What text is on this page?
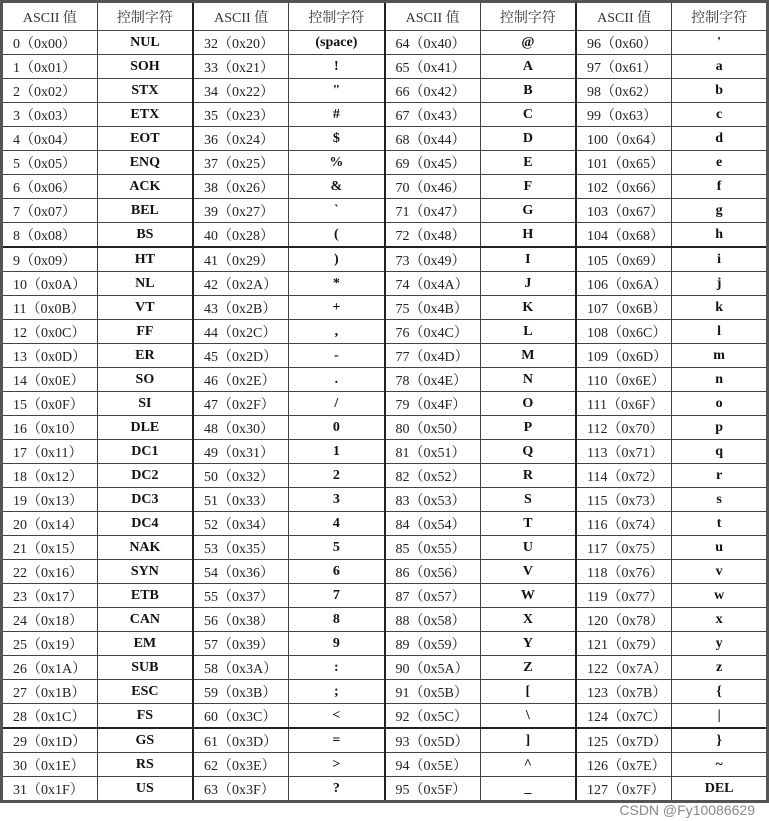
ASCII 值	控制字符	ASCII 值	控制字符	ASCII 值	控制字符	ASCII 值	控制字符
0（0x00）	NUL	32（0x20）	(space)	64（0x40）	@	96（0x60）	'
1（0x01）	SOH	33（0x21）	!	65（0x41）	A	97（0x61）	a
2（0x02）	STX	34（0x22）	"	66（0x42）	B	98（0x62）	b
3（0x03）	ETX	35（0x23）	#	67（0x43）	C	99（0x63）	c
4（0x04）	EOT	36（0x24）	$	68（0x44）	D	100（0x64）	d
5（0x05）	ENQ	37（0x25）	%	69（0x45）	E	101（0x65）	e
6（0x06）	ACK	38（0x26）	&	70（0x46）	F	102（0x66）	f
7（0x07）	BEL	39（0x27）	`	71（0x47）	G	103（0x67）	g
8（0x08）	BS	40（0x28）	(	72（0x48）	H	104（0x68）	h
9（0x09）	HT	41（0x29）	)	73（0x49）	I	105（0x69）	i
10（0x0A）	NL	42（0x2A）	*	74（0x4A）	J	106（0x6A）	j
11（0x0B）	VT	43（0x2B）	+	75（0x4B）	K	107（0x6B）	k
12（0x0C）	FF	44（0x2C）	,	76（0x4C）	L	108（0x6C）	l
13（0x0D）	ER	45（0x2D）	-	77（0x4D）	M	109（0x6D）	m
14（0x0E）	SO	46（0x2E）	.	78（0x4E）	N	110（0x6E）	n
15（0x0F）	SI	47（0x2F）	/	79（0x4F）	O	111（0x6F）	o
16（0x10）	DLE	48（0x30）	0	80（0x50）	P	112（0x70）	p
17（0x11）	DC1	49（0x31）	1	81（0x51）	Q	113（0x71）	q
18（0x12）	DC2	50（0x32）	2	82（0x52）	R	114（0x72）	r
19（0x13）	DC3	51（0x33）	3	83（0x53）	S	115（0x73）	s
20（0x14）	DC4	52（0x34）	4	84（0x54）	T	116（0x74）	t
21（0x15）	NAK	53（0x35）	5	85（0x55）	U	117（0x75）	u
22（0x16）	SYN	54（0x36）	6	86（0x56）	V	118（0x76）	v
23（0x17）	ETB	55（0x37）	7	87（0x57）	W	119（0x77）	w
24（0x18）	CAN	56（0x38）	8	88（0x58）	X	120（0x78）	x
25（0x19）	EM	57（0x39）	9	89（0x59）	Y	121（0x79）	y
26（0x1A）	SUB	58（0x3A）	:	90（0x5A）	Z	122（0x7A）	z
27（0x1B）	ESC	59（0x3B）	;	91（0x5B）	[	123（0x7B）	{
28（0x1C）	FS	60（0x3C）	<	92（0x5C）	\	124（0x7C）	|
29（0x1D）	GS	61（0x3D）	=	93（0x5D）	]	125（0x7D）	}
30（0x1E）	RS	62（0x3E）	>	94（0x5E）	^	126（0x7E）	~
31（0x1F）	US	63（0x3F）	?	95（0x5F）	_	127（0x7F）	DEL
CSDN @Fy10086629
